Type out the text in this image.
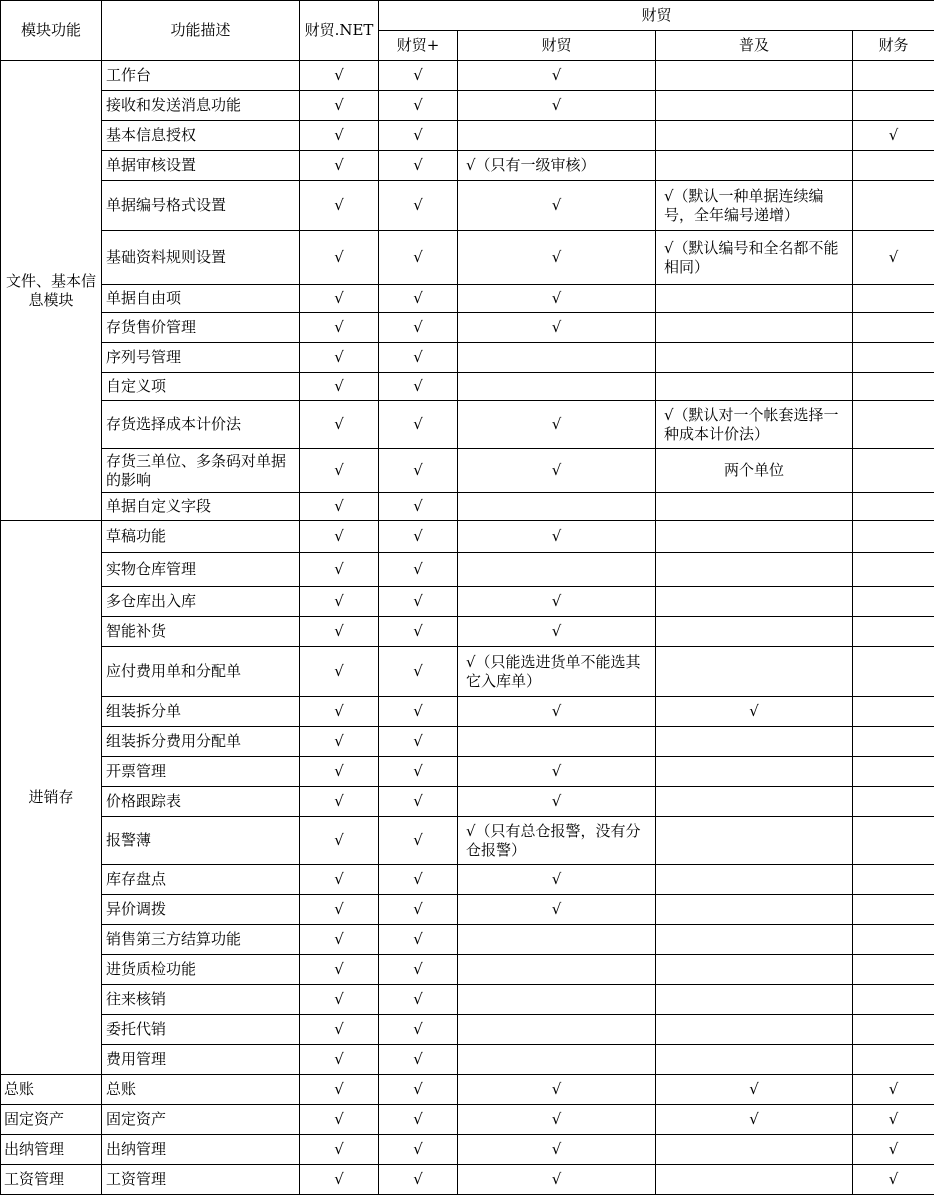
模块功能	功能描述	财贸.NET	财贸			
			财贸+	财贸	普及	财务
文件、基本信息模块	工作台	√	√	√		
	接收和发送消息功能	√	√	√		
	基本信息授权	√	√			√
	单据审核设置	√	√	√（只有一级审核）		
	单据编号格式设置	√	√	√	√（默认一种单据连续编号，全年编号递增）	
	基础资料规则设置	√	√	√	√（默认编号和全名都不能相同）	√
	单据自由项	√	√	√		
	存货售价管理	√	√	√		
	序列号管理	√	√			
	自定义项	√	√			
	存货选择成本计价法	√	√	√	√（默认对一个帐套选择一种成本计价法）	
	存货三单位、多条码对单据的影响	√	√	√	两个单位	
	单据自定义字段	√	√			
进销存	草稿功能	√	√	√		
	实物仓库管理	√	√			
	多仓库出入库	√	√	√		
	智能补货	√	√	√		
	应付费用单和分配单	√	√	√（只能选进货单不能选其它入库单）		
	组装拆分单	√	√	√	√	
	组装拆分费用分配单	√	√			
	开票管理	√	√	√		
	价格跟踪表	√	√	√		
	报警薄	√	√	√（只有总仓报警，没有分仓报警）		
	库存盘点	√	√	√		
	异价调拨	√	√	√		
	销售第三方结算功能	√	√			
	进货质检功能	√	√			
	往来核销	√	√			
	委托代销	√	√			
	费用管理	√	√			
总账	总账	√	√	√	√	√
固定资产	固定资产	√	√	√	√	√
出纳管理	出纳管理	√	√	√		√
工资管理	工资管理	√	√	√		√
